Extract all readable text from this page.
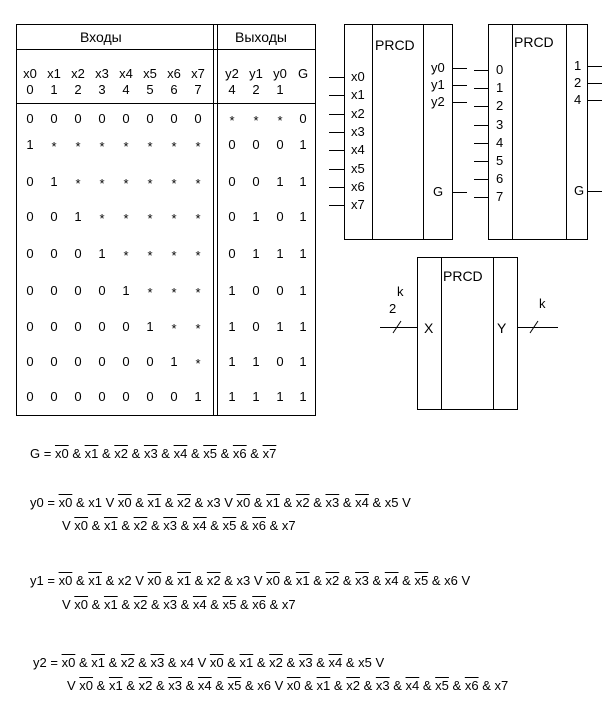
Входы	Выходы
x0 x1 x2 x3 x4 x5 x6 x7
0	1	2	3	4	5	6	7
y2 y1 y0 G
4	2	1
0	0	0	0	0	0	0	0	*	*	*	0
1	*	*	*	*	*	*	*	0	0	0	1
0	1	*	*	*	*	*	*	0	0	1	1
0	0	1	*	*	*	*	*	0	1	0	1
0	0	0	1	*	*	*	*	0	1	1	1
0	0	0	0	1	*	*	*	1	0	0	1
0	0	0	0	0	1	*	*	1	0	1	1
0	0	0	0	0	0	1	*	1	1	0	1
0	0	0	0	0	0	0	1	1	1	1	1
PRCD
x0
x1
x2
x3
x4
x5
x6
x7
y0
y1
y2
G
PRCD
0
1
2
3
4
5
6
7
1
2
4
G
PRCD
X	Y
k
2	k
G = x0 & x1 & x2 & x3 & x4 & x5 & x6 & x7
y0 = x0 & x1 V x0 & x1 & x2 & x3 V x0 & x1 & x2 & x3 & x4 & x5 V
V x0 & x1 & x2 & x3 & x4 & x5 & x6 & x7
y1 = x0 & x1 & x2 V x0 & x1 & x2 & x3 V x0 & x1 & x2 & x3 & x4 & x5 & x6 V
V x0 & x1 & x2 & x3 & x4 & x5 & x6 & x7
y2 = x0 & x1 & x2 & x3 & x4 V x0 & x1 & x2 & x3 & x4 & x5 V
V x0 & x1 & x2 & x3 & x4 & x5 & x6 V x0 & x1 & x2 & x3 & x4 & x5 & x6 & x7
